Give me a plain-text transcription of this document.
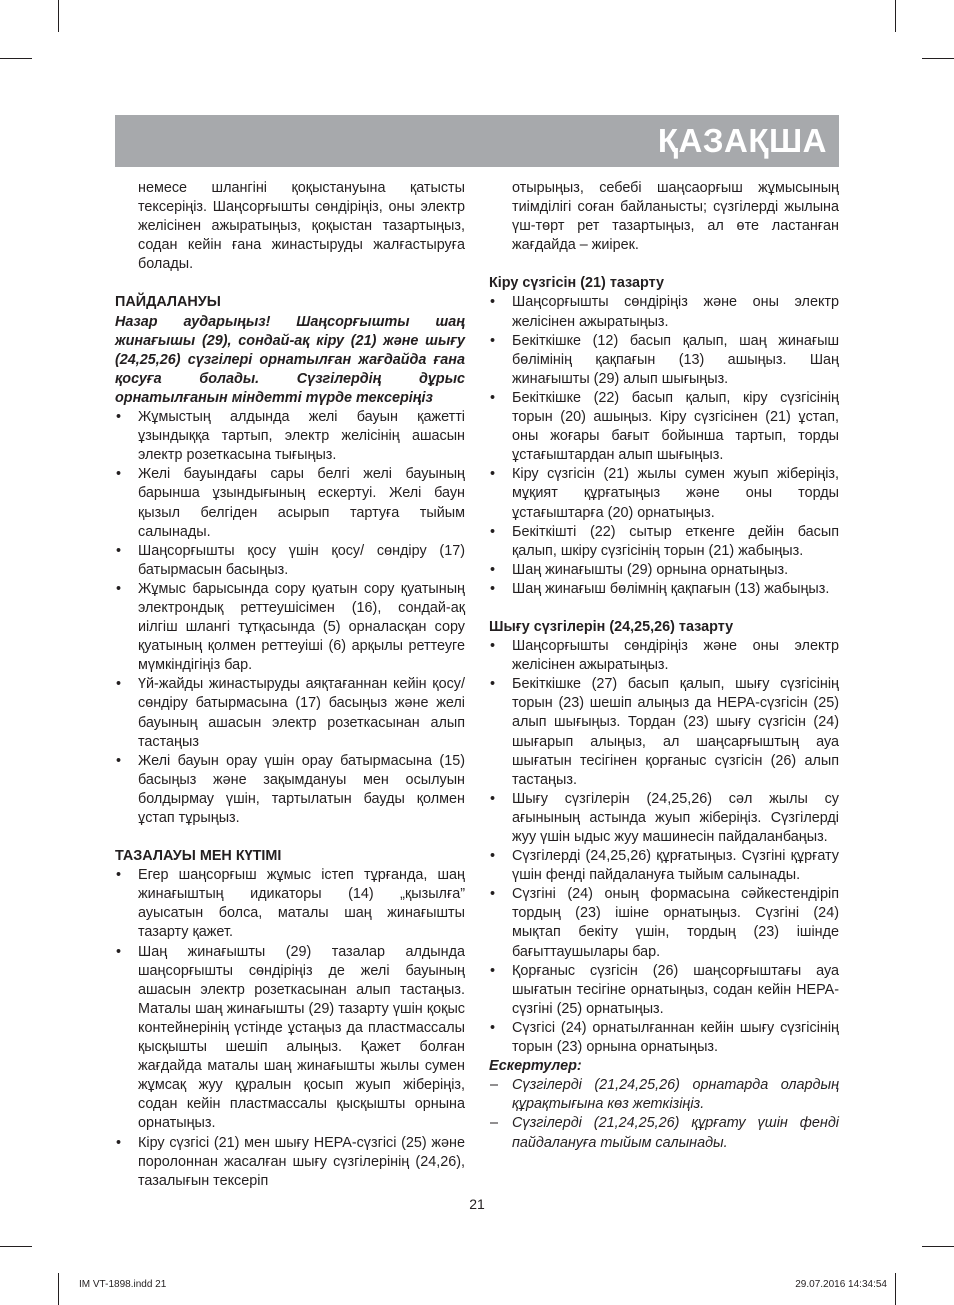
ҚАЗАҚША

немесе шлангіні қоқыстануына қатысты тексеріңіз. Шаңсорғышты сөндіріңіз, оны электр желісінен ажыратыңыз, қоқыстан тазартыңыз, содан кейін ғана жинастыруды жалғастыруға болады.

ПАЙДАЛАНУЫ

Назар аударыңыз! Шаңсорғышты шаң жинағышы (29), сондай-ақ кіру (21) және шығу (24,25,26) сүзгілері орнатылған жағдайда ғана қосуға болады. Сүзгілердің дұрыс орнатылғанын міндетті түрде тексеріңіз

• Жұмыстың алдында желі бауын қажетті ұзындыққа тартып, электр желісінің ашасын электр розеткасына тығыңыз.
• Желі бауындағы сары белгі желі бауының барынша ұзындығының ескертуі. Желі баун қызыл белгіден асырып тартуға тыйым салынады.
• Шаңсорғышты қосу үшін қосу/ сөндіру (17) батырмасын басыңыз.
• Жұмыс барысында сору қуатын сору қуатының электрондық реттеушісімен (16), сондай-ақ иілгіш шлангі тұтқасында (5) орналасқан сору қуатының қолмен реттеуіші (6) арқылы реттеуге мүмкіндігіңіз бар.
• Үй-жайды жинастыруды аяқтағаннан кейін қосу/сөндіру батырмасына (17) басыңыз және желі бауының ашасын электр розеткасынан алып тастаңыз
• Желі бауын орау үшін орау батырмасына (15) басыңыз және зақымдануы мен осылуын болдырмау үшін, тартылатын бауды қолмен ұстап тұрыңыз.

ТАЗАЛАУЫ МЕН КҮТІМІ

• Егер шаңсорғыш жұмыс істеп тұрғанда, шаң жинағыштың идикаторы (14) „қызылға” ауысатын болса, маталы шаң жинағышты тазарту қажет.
• Шаң жинағышты (29) тазалар алдында шаңсорғышты сөндіріңіз де желі бауының ашасын электр розеткасынан алып тастаңыз. Маталы шаң жинағышты (29) тазарту үшін қоқыс контейнерінің үстінде ұстаңыз да пластмассалы қысқышты шешіп алыңыз. Қажет болған жағдайда маталы шаң жинағышты жылы сумен жұмсақ жуу құралын қосып жуып жіберіңіз, содан кейін пластмассалы қысқышты орнына орнатыңыз.
• Кіру сүзгісі (21) мен шығу HEPA-сүзгісі (25) және поролоннан жасалған шығу сүзгілерінің (24,26), тазалығын тексеріп

отырыңыз, себебі шаңсаорғыш жұмысының тиімділігі соған байланысты; сүзгілерді жылына үш-төрт рет тазартыңыз, ал өте ластанған жағдайда – жиірек.

Кіру сүзгісін (21) тазарту

• Шаңсорғышты сөндіріңіз және оны электр желісінен ажыратыңыз.
• Бекіткішке (12) басып қалып, шаң жинағыш бөлімінің қақпағын (13) ашыңыз. Шаң жинағышты (29) алып шығыңыз.
• Бекіткішке (22) басып қалып, кіру сүзгісінің торын (20) ашыңыз. Кіру сүзгісінен (21) ұстап, оны жоғары бағыт бойынша тартып, торды ұстағыштардан алып шығыңыз.
• Кіру сүзгісін (21) жылы сумен жуып жіберіңіз, мұқият құрғатыңыз және оны торды ұстағыштарға (20) орнатыңыз.
• Бекіткішті (22) сытыр еткенге дейін басып қалып, шкіру сүзгісінің торын (21) жабыңыз.
• Шаң жинағышты (29) орнына орнатыңыз.
• Шаң жинағыш бөлімнің қақпағын (13) жабыңыз.

Шығу сүзгілерін (24,25,26) тазарту

• Шаңсорғышты сөндіріңіз және оны электр желісінен ажыратыңыз.
• Бекіткішке (27) басып қалып, шығу сүзгісінің торын (23) шешіп алыңыз да HEPA-сүзгісін (25) алып шығыңыз. Тордан (23) шығу сүзгісін (24) шығарып алыңыз, ал шаңсарғыштың ауа шығатын тесігінен қорғаныс сүзгісін (26) алып тастаңыз.
• Шығу сүзгілерін (24,25,26) сәл жылы су ағынының астында жуып жіберіңіз. Сүзгілерді жуу үшін ыдыс жуу машинесін пайдаланбаңыз.
• Сүзгілерді (24,25,26) құрғатыңыз. Сүзгіні құрғату үшін фенді пайдалануға тыйым салынады.
• Сүзгіні (24) оның формасына сәйкестендіріп тордың (23) ішіне орнатыңыз. Сүзгіні (24) мықтап бекіту үшін, тордың (23) ішінде бағыттаушылары бар.
• Қорғаныс сүзгісін (26) шаңсорғыштағы ауа шығатын тесігіне орнатыңыз, содан кейін HEPA-сүзгіні (25) орнатыңыз.
• Сүзгісі (24) орнатылғаннан кейін шығу сүзгісінің торын (23) орнына орнатыңыз.

Ескертулер:

– Сүзгілерді (21,24,25,26) орнатарда олардың құрақтығына көз жеткізіңіз.
– Сүзгілерді (21,24,25,26) құрғату үшін фенді пайдалануға тыйым салынады.
21
IM VT-1898.indd 21	29.07.2016 14:34:54
